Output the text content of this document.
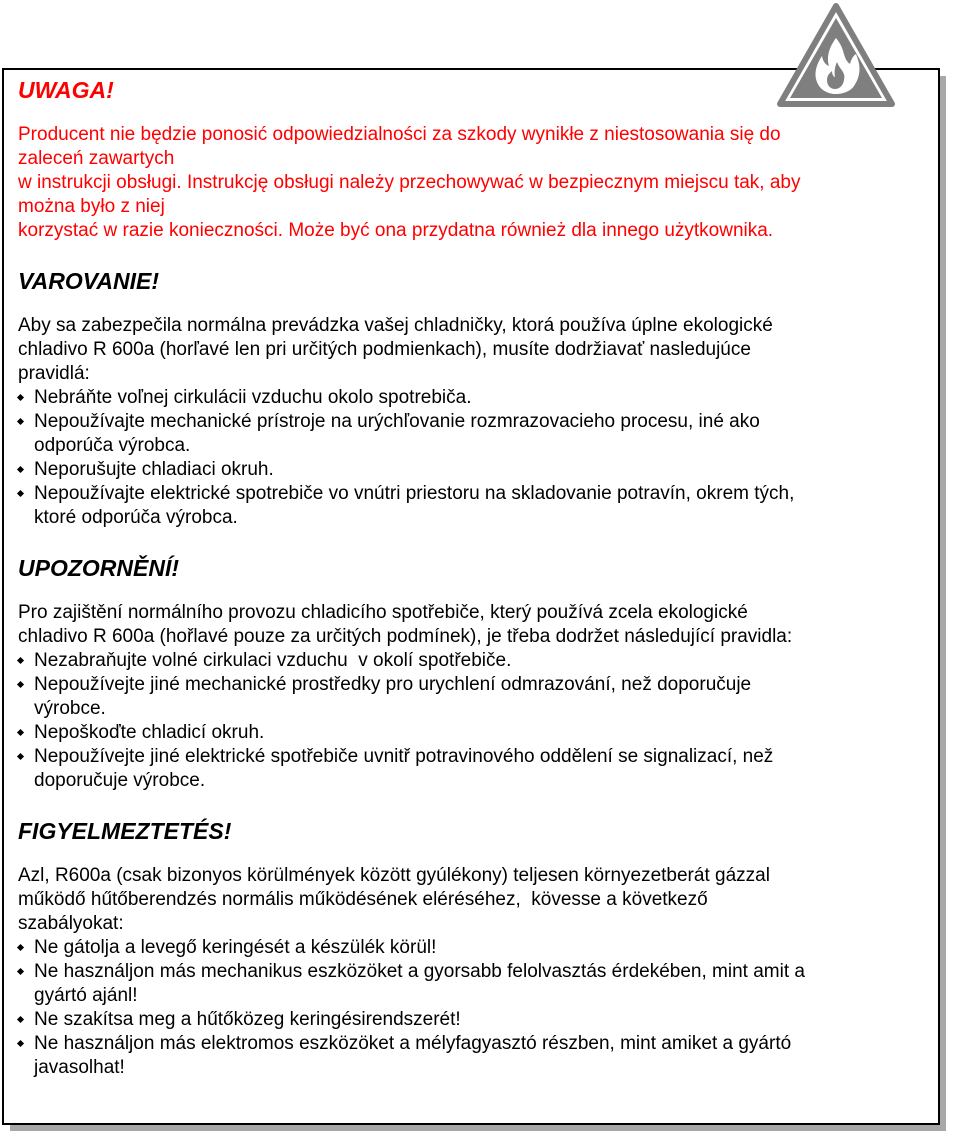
UWAGA!

Producent nie będzie ponosić odpowiedzialności za szkody wynikłe z niestosowania się do
zaleceń zawartych
w instrukcji obsługi. Instrukcję obsługi należy przechowywać w bezpiecznym miejscu tak, aby
można było z niej
korzystać w razie konieczności. Może być ona przydatna również dla innego użytkownika.

VAROVANIE!

Aby sa zabezpečila normálna prevádzka vašej chladničky, ktorá používa úplne ekologické
chladivo R 600a (horľavé len pri určitých podmienkach), musíte dodržiavať nasledujúce
pravidlá:

Nebráňte voľnej cirkulácii vzduchu okolo spotrebiča.
Nepoužívajte mechanické prístroje na urýchľovanie rozmrazovacieho procesu, iné ako
odporúča výrobca.
Neporušujte chladiaci okruh.
Nepoužívajte elektrické spotrebiče vo vnútri priestoru na skladovanie potravín, okrem tých,
ktoré odporúča výrobca.
UPOZORNĚNÍ!

Pro zajištění normálního provozu chladicího spotřebiče, který používá zcela ekologické
chladivo R 600a (hořlavé pouze za určitých podmínek), je třeba dodržet následující pravidla:

Nezabraňujte volné cirkulaci vzduchu  v okolí spotřebiče.
Nepoužívejte jiné mechanické prostředky pro urychlení odmrazování, než doporučuje
výrobce.
Nepoškoďte chladicí okruh.
Nepoužívejte jiné elektrické spotřebiče uvnitř potravinového oddělení se signalizací, než
doporučuje výrobce.
FIGYELMEZTETÉS!

Azl, R600a (csak bizonyos körülmények között gyúlékony) teljesen környezetberát gázzal
működő hűtőberendzés normális működésének eléréséhez,  kövesse a következő
szabályokat:

Ne gátolja a levegő keringését a készülék körül!
Ne használjon más mechanikus eszközöket a gyorsabb felolvasztás érdekében, mint amit a
gyártó ajánl!
Ne szakítsa meg a hűtőközeg keringésirendszerét!
Ne használjon más elektromos eszközöket a mélyfagyasztó részben, mint amiket a gyártó
javasolhat!
